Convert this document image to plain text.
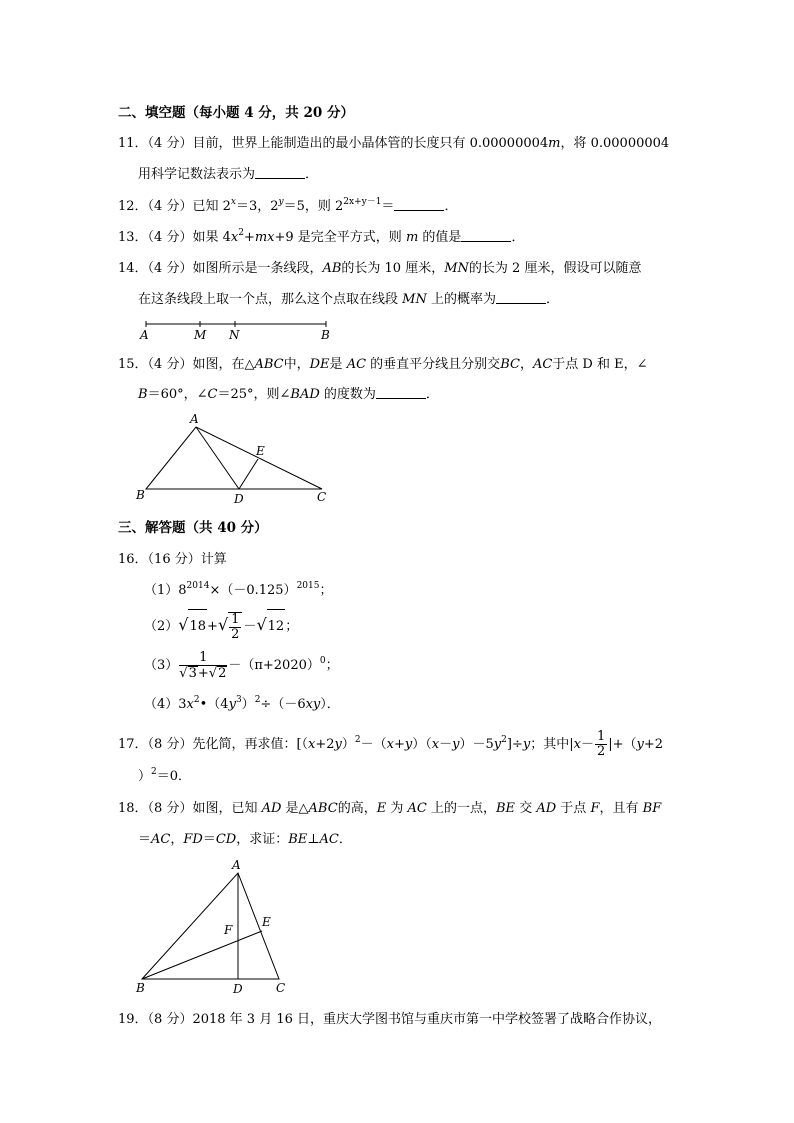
二、填空题（每小题 4 分，共 20 分）
11．（4 分）目前，世界上能制造出的最小晶体管的长度只有 0.00000004m，将 0.00000004
用科学记数法表示为	．
12．（4 分）已知 $2^x=3$，$2^y=5$，则 $2^{2x+y-1}=$	．
13．（4 分）如果 $4x^2+mx+9$ 是完全平方式，则 m 的值是	．
14．（4 分）如图所示是一条线段，AB的长为 10 厘米，MN的长为 2 厘米，假设可以随意
在这条线段上取一个点，那么这个点取在线段 MN 上的概率为	．
A	M N	B
15．（4 分）如图，在△ABC中，DE是 AC 的垂直平分线且分别交BC，AC于点 D 和 E，∠
B＝60°，∠C＝25°，则∠BAD 的度数为	．
A
B	C
D
E
三、解答题（共 40 分）
16．（16 分）计算
$(1)8^{2014}\times(-0.125)^{2015}$；
$(2)√18+√ \frac{1}{2} -√12$；
$(3) \frac{1}{√3+√2} -(\pi+2020)^0$；
$(4)3x^2•(4y^3)^2\div(-6xy)$．
17．（8 分）先化简，再求值：$[(x+2y)^2-(x+y)(x-y)-5y^2]\div y$；其中$|x- \frac{1}{2} |+(y+2$
）$^2$＝0．
18．（8 分）如图，已知 AD 是△ABC的高，E 为 AC 上的一点，BE 交 AD 于点 F，且有 BF
＝AC，FD＝CD，求证：BE⊥AC．
A
B	C
D
E
F
19．（8 分）2018 年 3 月 16 日，重庆大学图书馆与重庆市第一中学校签署了战略合作协议，
